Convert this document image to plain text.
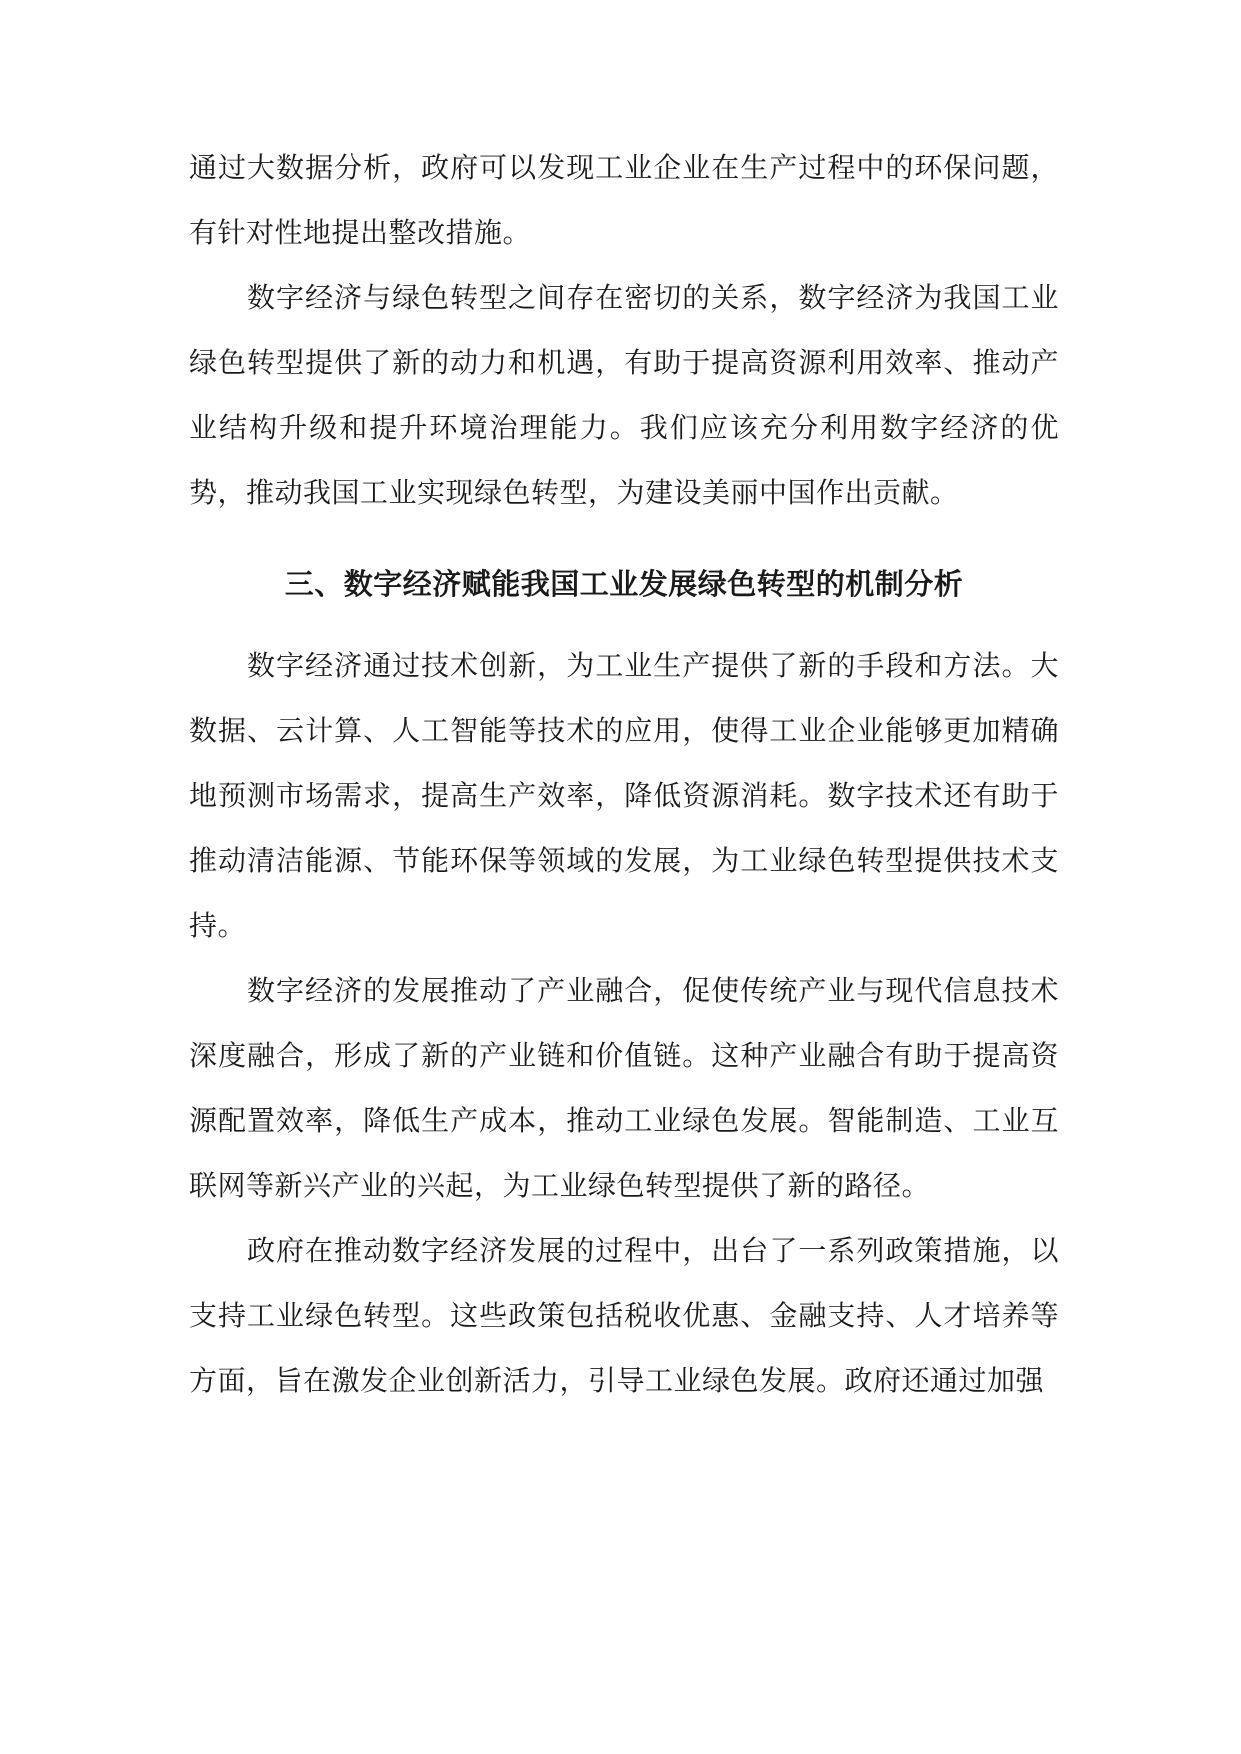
通过大数据分析，政府可以发现工业企业在生产过程中的环保问题，有针对性地提出整改措施。

数字经济与绿色转型之间存在密切的关系，数字经济为我国工业绿色转型提供了新的动力和机遇，有助于提高资源利用效率、推动产业结构升级和提升环境治理能力。我们应该充分利用数字经济的优势，推动我国工业实现绿色转型，为建设美丽中国作出贡献。

三、数字经济赋能我国工业发展绿色转型的机制分析

数字经济通过技术创新，为工业生产提供了新的手段和方法。大数据、云计算、人工智能等技术的应用，使得工业企业能够更加精确地预测市场需求，提高生产效率，降低资源消耗。数字技术还有助于推动清洁能源、节能环保等领域的发展，为工业绿色转型提供技术支持。

数字经济的发展推动了产业融合，促使传统产业与现代信息技术深度融合，形成了新的产业链和价值链。这种产业融合有助于提高资源配置效率，降低生产成本，推动工业绿色发展。智能制造、工业互联网等新兴产业的兴起，为工业绿色转型提供了新的路径。

政府在推动数字经济发展的过程中，出台了一系列政策措施，以支持工业绿色转型。这些政策包括税收优惠、金融支持、人才培养等方面，旨在激发企业创新活力，引导工业绿色发展。政府还通过加强
